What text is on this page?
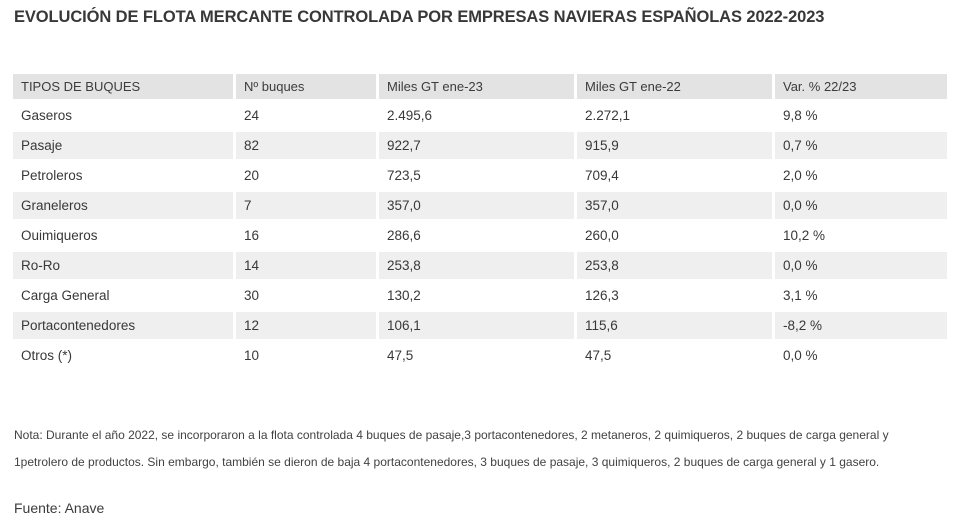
EVOLUCIÓN DE FLOTA MERCANTE CONTROLADA POR EMPRESAS NAVIERAS ESPAÑOLAS 2022-2023
TIPOS DE BUQUES	Nº buques	Miles GT ene-23	Miles GT ene-22	Var. % 22/23
Gaseros	24	2.495,6	2.272,1	9,8 %
Pasaje	82	922,7	915,9	0,7 %
Petroleros	20	723,5	709,4	2,0 %
Graneleros	7	357,0	357,0	0,0 %
Ouimiqueros	16	286,6	260,0	10,2 %
Ro-Ro	14	253,8	253,8	0,0 %
Carga General	30	130,2	126,3	3,1 %
Portacontenedores	12	106,1	115,6	-8,2 %
Otros (*)	10	47,5	47,5	0,0 %
Nota: Durante el año 2022, se incorporaron a la flota controlada 4 buques de pasaje,3 portacontenedores, 2 metaneros, 2 quimiqueros, 2 buques de carga general y
1petrolero de productos. Sin embargo, también se dieron de baja 4 portacontenedores, 3 buques de pasaje, 3 quimiqueros, 2 buques de carga general y 1 gasero.
Fuente: Anave
